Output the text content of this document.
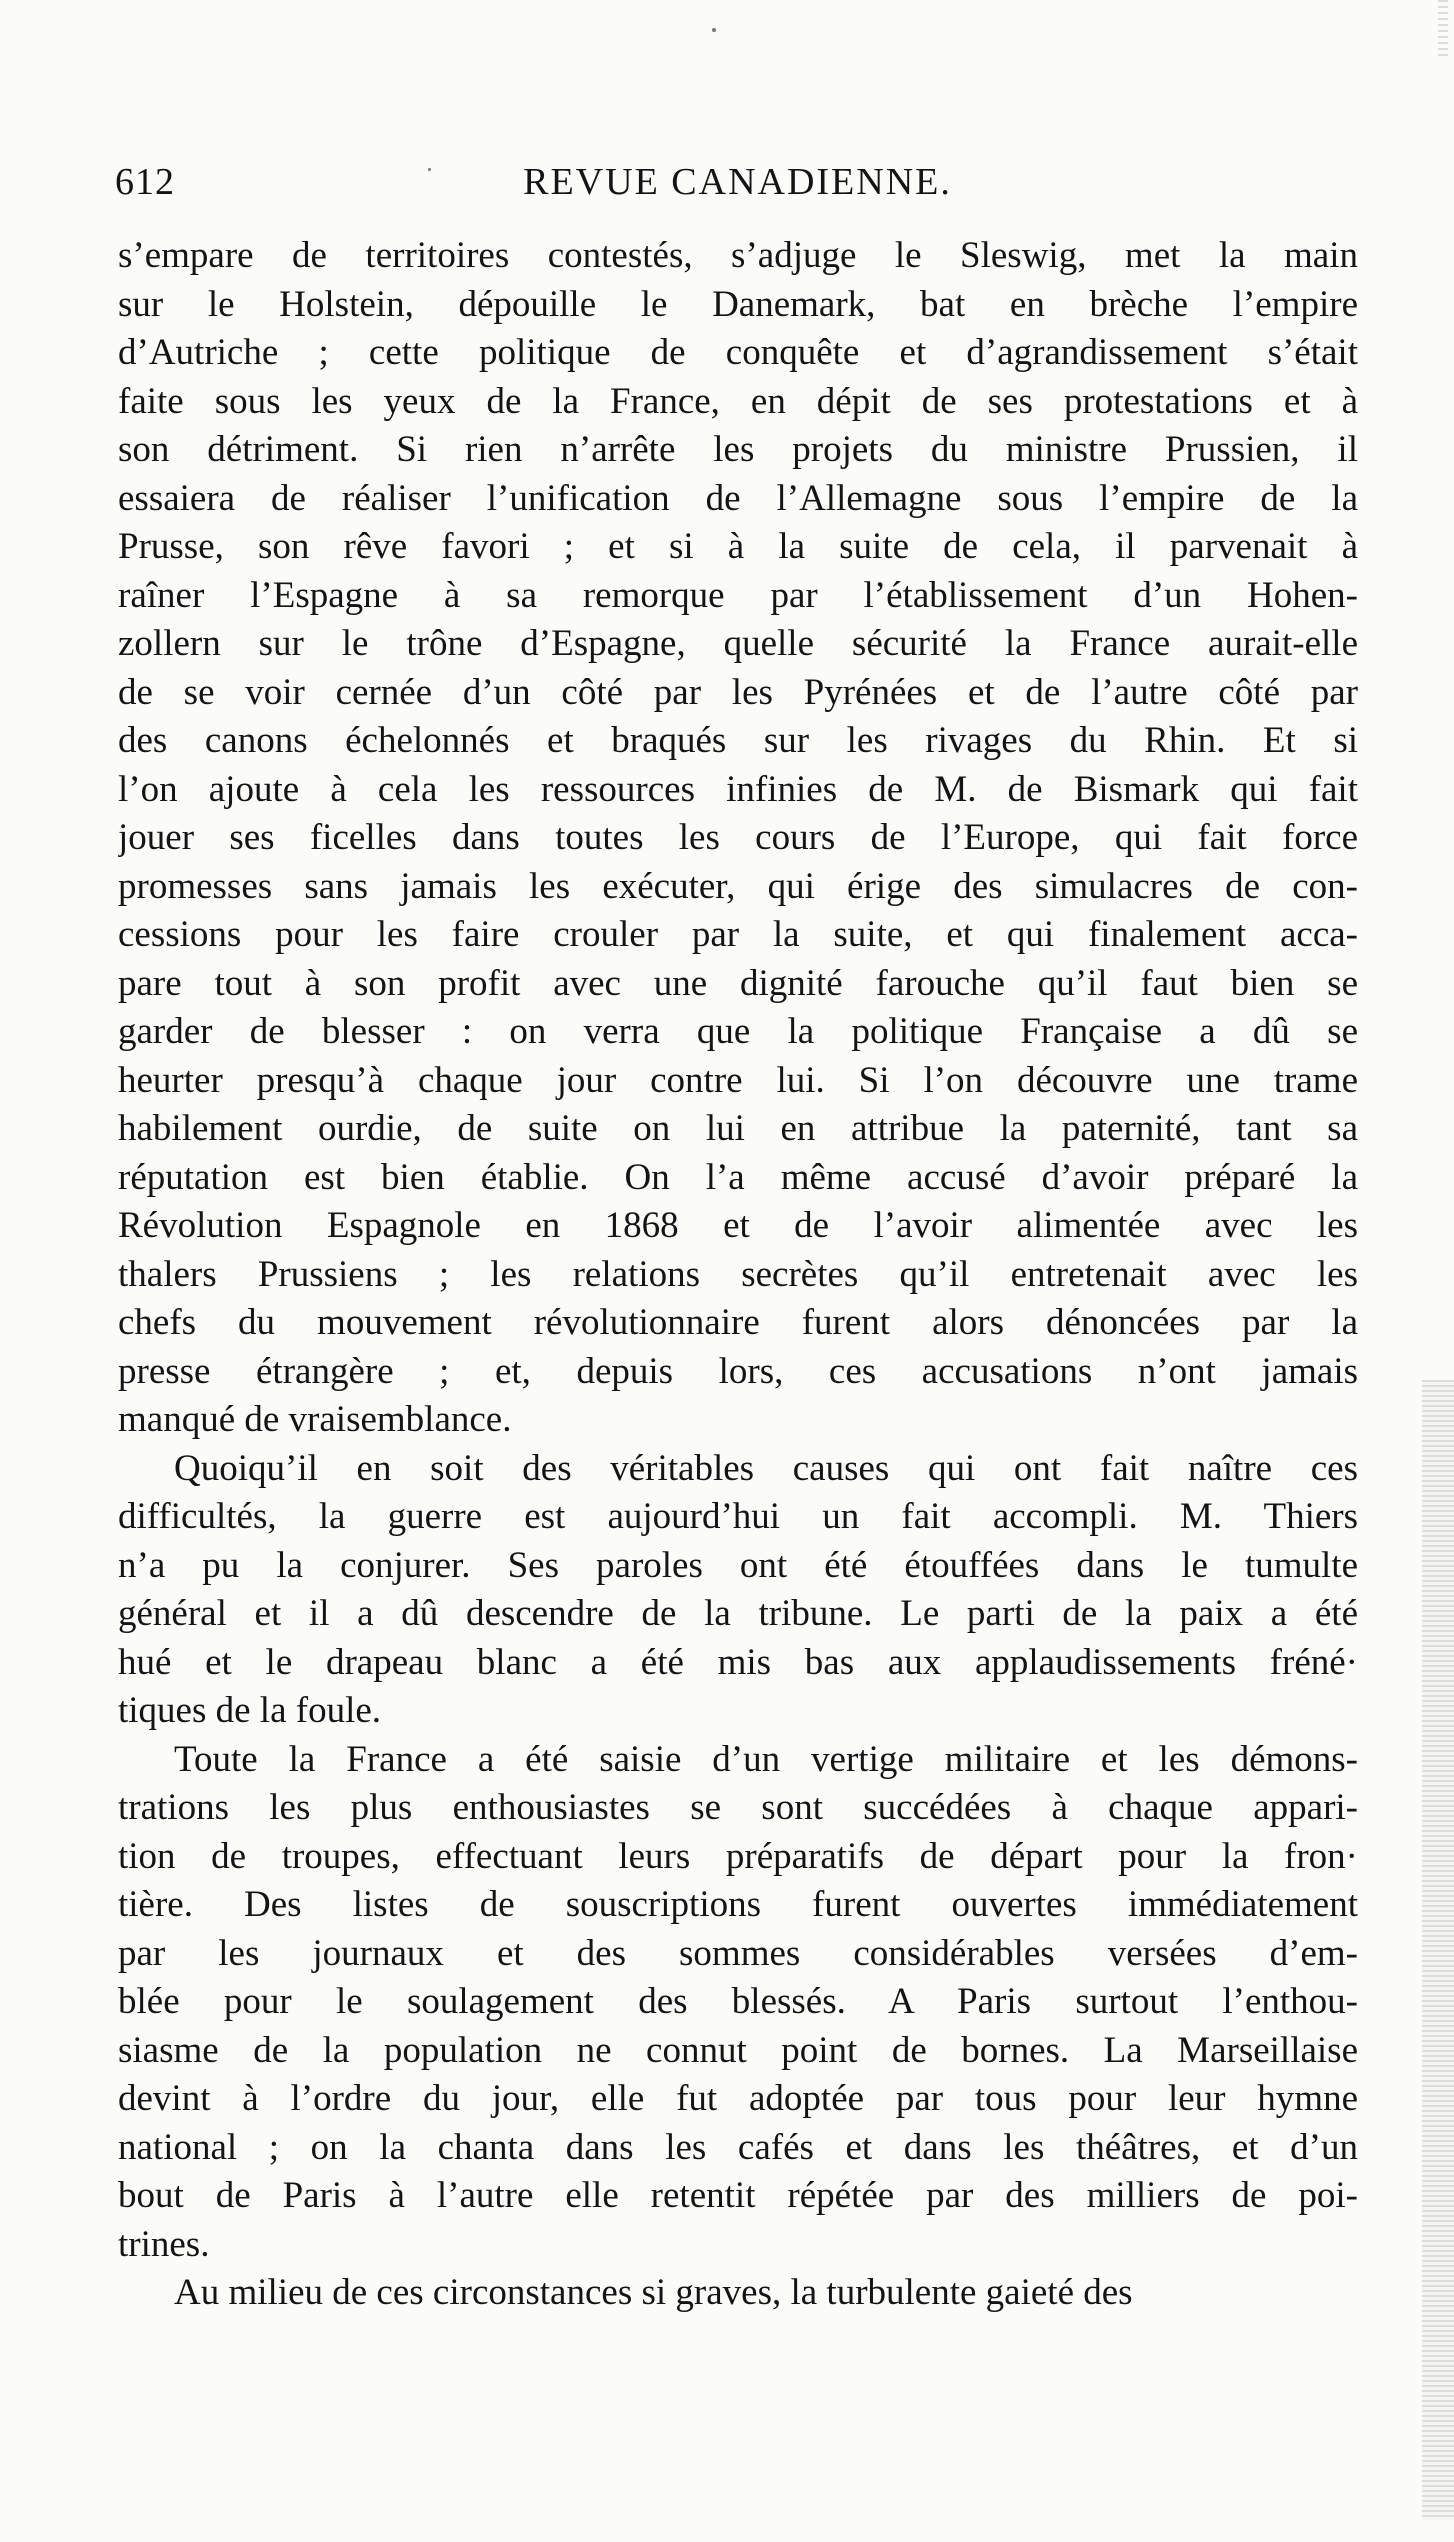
612	REVUE CANADIENNE.
s’empare de territoires contestés, s’adjuge le Sleswig, met la main
sur le Holstein, dépouille le Danemark, bat en brèche l’empire
d’Autriche ; cette politique de conquête et d’agrandissement s’était
faite sous les yeux de la France, en dépit de ses protestations et à
son détriment. Si rien n’arrête les projets du ministre Prussien, il
essaiera de réaliser l’unification de l’Allemagne sous l’empire de la
Prusse, son rêve favori ; et si à la suite de cela, il parvenait à
raîner l’Espagne à sa remorque par l’établissement d’un Hohen-
zollern sur le trône d’Espagne, quelle sécurité la France aurait-elle
de se voir cernée d’un côté par les Pyrénées et de l’autre côté par
des canons échelonnés et braqués sur les rivages du Rhin. Et si
l’on ajoute à cela les ressources infinies de M. de Bismark qui fait
jouer ses ficelles dans toutes les cours de l’Europe, qui fait force
promesses sans jamais les exécuter, qui érige des simulacres de con-
cessions pour les faire crouler par la suite, et qui finalement acca-
pare tout à son profit avec une dignité farouche qu’il faut bien se
garder de blesser : on verra que la politique Française a dû se
heurter presqu’à chaque jour contre lui. Si l’on découvre une trame
habilement ourdie, de suite on lui en attribue la paternité, tant sa
réputation est bien établie. On l’a même accusé d’avoir préparé la
Révolution Espagnole en 1868 et de l’avoir alimentée avec les
thalers Prussiens ; les relations secrètes qu’il entretenait avec les
chefs du mouvement révolutionnaire furent alors dénoncées par la
presse étrangère ; et, depuis lors, ces accusations n’ont jamais
manqué de vraisemblance.
Quoiqu’il en soit des véritables causes qui ont fait naître ces
difficultés, la guerre est aujourd’hui un fait accompli. M. Thiers
n’a pu la conjurer. Ses paroles ont été étouffées dans le tumulte
général et il a dû descendre de la tribune. Le parti de la paix a été
hué et le drapeau blanc a été mis bas aux applaudissements fréné·
tiques de la foule.
Toute la France a été saisie d’un vertige militaire et les démons-
trations les plus enthousiastes se sont succédées à chaque appari-
tion de troupes, effectuant leurs préparatifs de départ pour la fron·
tière. Des listes de souscriptions furent ouvertes immédiatement
par les journaux et des sommes considérables versées d’em-
blée pour le soulagement des blessés. A Paris surtout l’enthou-
siasme de la population ne connut point de bornes. La Marseillaise
devint à l’ordre du jour, elle fut adoptée par tous pour leur hymne
national ; on la chanta dans les cafés et dans les théâtres, et d’un
bout de Paris à l’autre elle retentit répétée par des milliers de poi-
trines.
Au milieu de ces circonstances si graves, la turbulente gaieté des
